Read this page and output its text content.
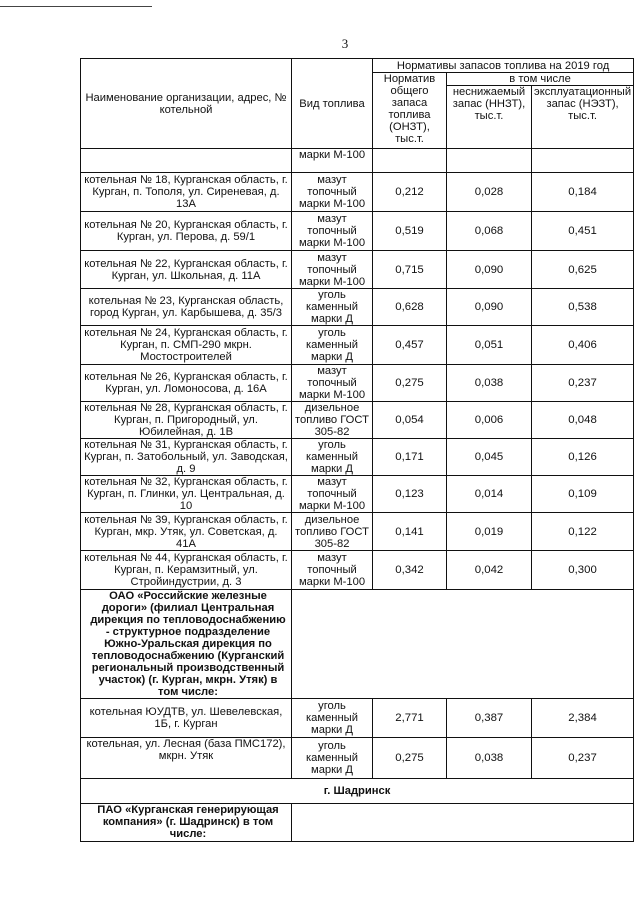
3
Наименование организации, адрес, № котельной	Вид топлива	Нормативы запасов топлива на 2019 год		
		Норматив общего запаса топлива (ОНЗТ), тыс.т.	в том числе	
			неснижаемый запас (ННЗТ), тыс.т.	эксплуатационный запас (НЭЗТ), тыс.т.
	марки М-100			
котельная № 18, Курганская область, г. Курган, п. Тополя, ул. Сиреневая, д. 13А	мазут топочный марки М-100	0,212	0,028	0,184
котельная № 20, Курганская область, г. Курган, ул. Перова, д. 59/1	мазут топочный марки М-100	0,519	0,068	0,451
котельная № 22, Курганская область, г. Курган, ул. Школьная, д. 11А	мазут топочный марки М-100	0,715	0,090	0,625
котельная № 23, Курганская область, город Курган, ул. Карбышева, д. 35/3	уголь каменный марки Д	0,628	0,090	0,538
котельная № 24, Курганская область, г. Курган, п. СМП-290 мкрн. Мостостроителей	уголь каменный марки Д	0,457	0,051	0,406
котельная № 26, Курганская область, г. Курган, ул. Ломоносова, д. 16А	мазут топочный марки М-100	0,275	0,038	0,237
котельная № 28, Курганская область, г. Курган, п. Пригородный, ул. Юбилейная, д. 1В	дизельное топливо ГОСТ 305-82	0,054	0,006	0,048
котельная № 31, Курганская область, г. Курган, п. Затобольный, ул. Заводская, д. 9	уголь каменный марки Д	0,171	0,045	0,126
котельная № 32, Курганская область, г. Курган, п. Глинки, ул. Центральная, д. 10	мазут топочный марки М-100	0,123	0,014	0,109
котельная № 39, Курганская область, г. Курган, мкр. Утяк, ул. Советская, д. 41А	дизельное топливо ГОСТ 305-82	0,141	0,019	0,122
котельная № 44, Курганская область, г. Курган, п. Керамзитный, ул. Стройиндустрии, д. 3	мазут топочный марки М-100	0,342	0,042	0,300
ОАО «Российские железные дороги» (филиал Центральная дирекция по тепловодоснабжению - структурное подразделение Южно-Уральская дирекция по тепловодоснабжению (Курганский региональный производственный участок) (г. Курган, мкрн. Утяк) в том числе:				
котельная ЮУДТВ, ул. Шевелевская, 1Б, г. Курган	уголь каменный марки Д	2,771	0,387	2,384
котельная, ул. Лесная (база ПМС172), мкрн. Утяк	уголь каменный марки Д	0,275	0,038	0,237
г. Шадринск				
ПАО «Курганская генерирующая компания» (г. Шадринск) в том числе:				
